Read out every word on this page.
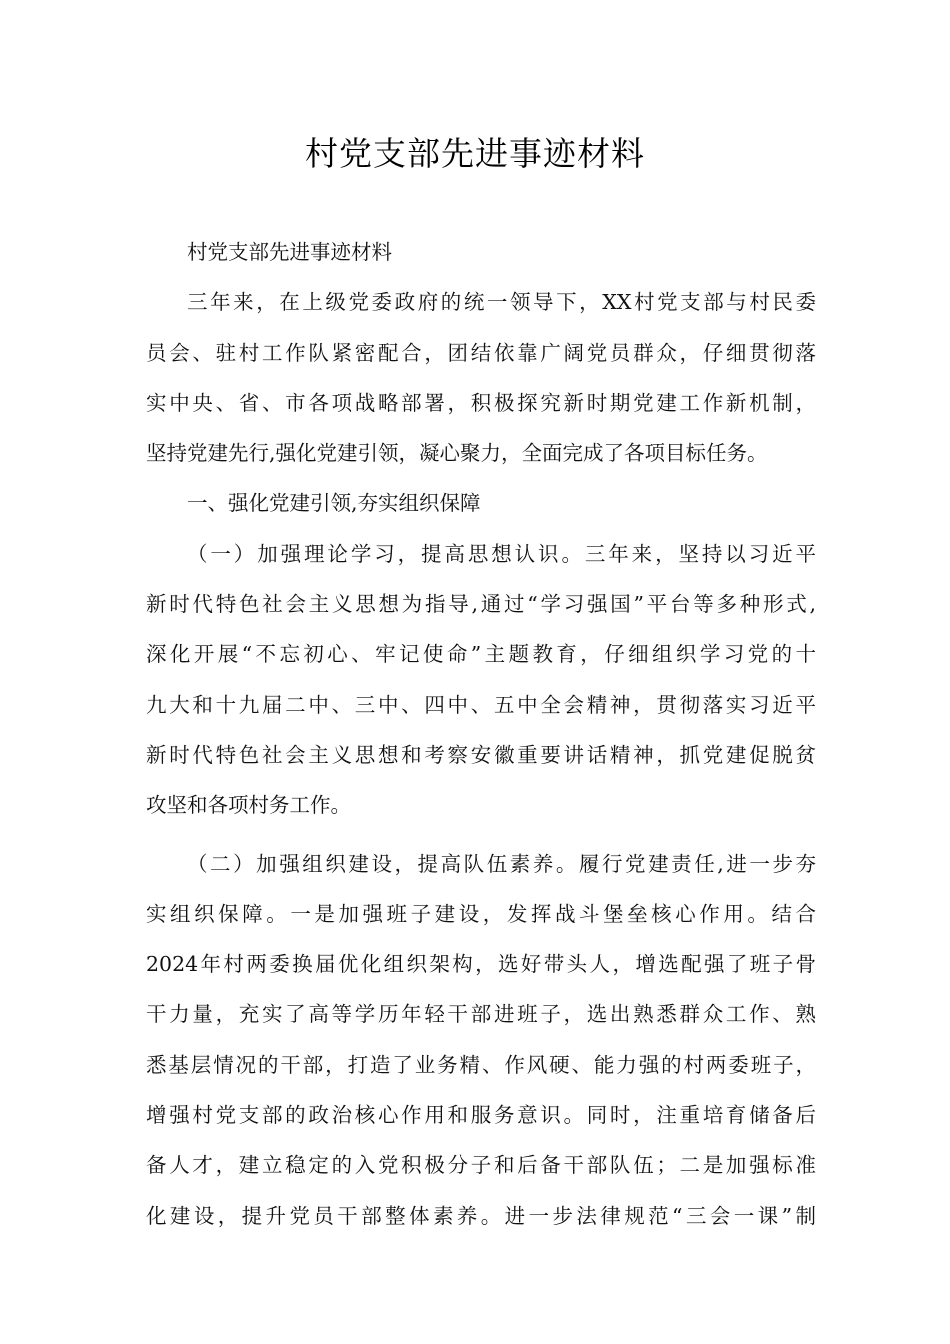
村党支部先进事迹材料
村党支部先进事迹材料
三年来，在上级党委政府的统一领导下，XX村党支部与村民委
员会、驻村工作队紧密配合，团结依靠广阔党员群众，仔细贯彻落
实中央、省、市各项战略部署，积极探究新时期党建工作新机制，
坚持党建先行,强化党建引领，凝心聚力，全面完成了各项目标任务。
一、强化党建引领,夯实组织保障
（一）加强理论学习，提高思想认识。三年来，坚持以习近平
新时代特色社会主义思想为指导,通过“学习强国”平台等多种形式,
深化开展“不忘初心、牢记使命”主题教育，仔细组织学习党的十
九大和十九届二中、三中、四中、五中全会精神，贯彻落实习近平
新时代特色社会主义思想和考察安徽重要讲话精神，抓党建促脱贫
攻坚和各项村务工作。
（二）加强组织建设，提高队伍素养。履行党建责任,进一步夯
实组织保障。一是加强班子建设，发挥战斗堡垒核心作用。结合
2024年村两委换届优化组织架构，选好带头人，增选配强了班子骨
干力量，充实了高等学历年轻干部进班子，选出熟悉群众工作、熟
悉基层情况的干部，打造了业务精、作风硬、能力强的村两委班子，
增强村党支部的政治核心作用和服务意识。同时，注重培育储备后
备人才，建立稳定的入党积极分子和后备干部队伍；二是加强标准
化建设，提升党员干部整体素养。进一步法律规范“三会一课”制
